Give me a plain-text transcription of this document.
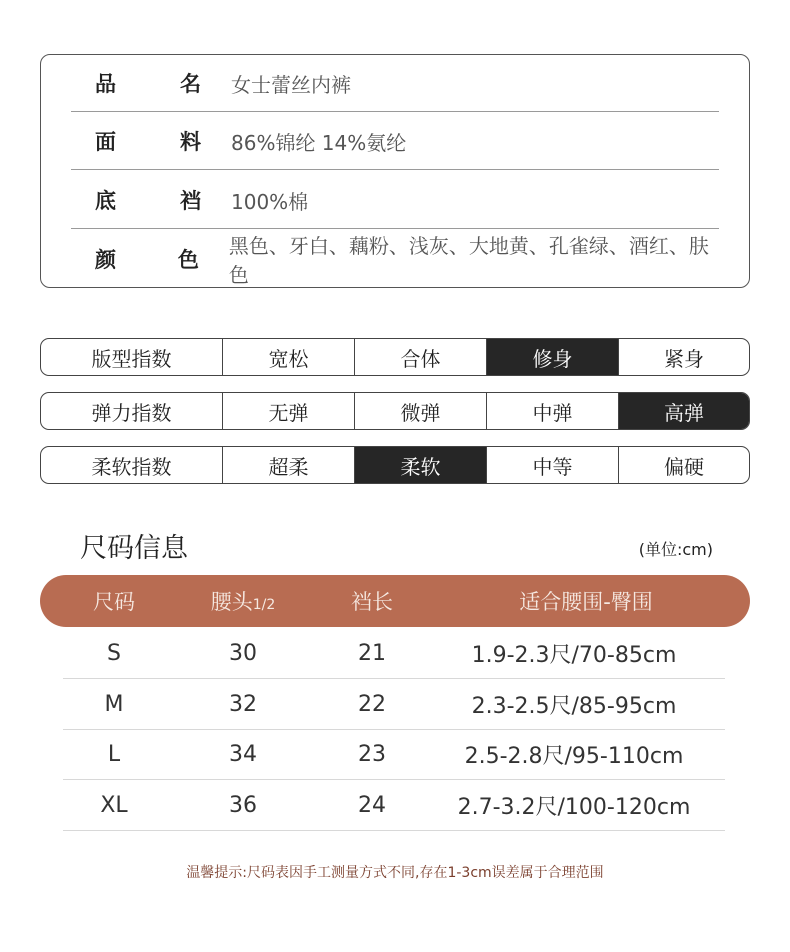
品	名 女士蕾丝内裤
面	料 86%锦纶 14%氨纶
底	裆 100%棉
颜	色
黑色、牙白、藕粉、浅灰、大地黄、孔雀绿、酒红、肤色
版型指数	宽松	合体	修身	紧身
弹力指数	无弹	微弹	中弹	高弹
柔软指数	超柔	柔软	中等	偏硬
尺码信息	(单位:cm)
尺码	腰头1/2	裆长	适合腰围-臀围
S	30	21	1.9-2.3尺/70-85cm
M	32	22	2.3-2.5尺/85-95cm
L	34	23	2.5-2.8尺/95-110cm
XL	36	24	2.7-3.2尺/100-120cm
温馨提示:尺码表因手工测量方式不同,存在1-3cm误差属于合理范围
